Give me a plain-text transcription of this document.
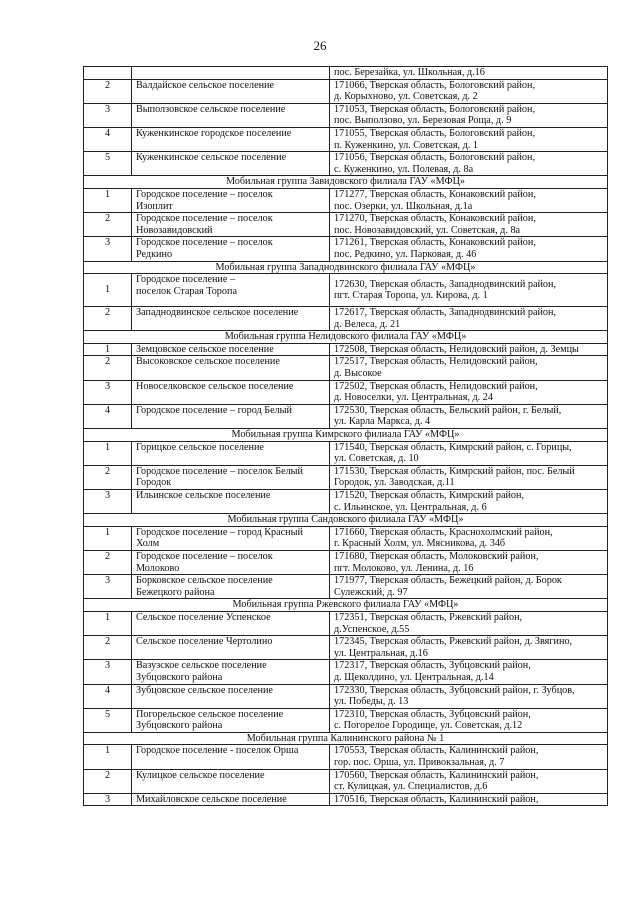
26
		пос. Березайка, ул. Школьная, д.16
2	Валдайское сельское поселение	171066, Тверская область, Бологовский район,
д. Корыхново, ул. Советская, д. 2
3	Выползовское сельское поселение	171053, Тверская область, Бологовский район,
пос. Выползово, ул. Березовая Роща, д. 9
4	Куженкинское городское поселение	171055, Тверская область, Бологовский район,
п. Куженкино, ул. Советская, д. 1
5	Куженкинское сельское поселение	171056, Тверская область, Бологовский район,
с. Куженкино, ул. Полевая, д. 8а
Мобильная группа Завидовского филиала ГАУ «МФЦ»		
1	Городское поселение – поселок
Изоплит	171277, Тверская область, Конаковский район,
пос. Озерки, ул. Школьная, д.1а
2	Городское поселение – поселок
Новозавидовский	171270, Тверская область, Конаковский район,
пос. Новозавидовский, ул. Советская, д. 8а
3	Городское поселение – поселок
Редкино	171261, Тверская область, Конаковский район,
пос. Редкино, ул. Парковая, д. 46
Мобильная группа Западнодвинского филиала ГАУ «МФЦ»		
1	Городское поселение –
поселок Старая Торопа	172630, Тверская область, Западнодвинский район,
пгт. Старая Торопа, ул. Кирова, д. 1
2	Западнодвинское сельское поселение	172617, Тверская область, Западнодвинский район,
д. Велеса, д. 21
Мобильная группа Нелидовского филиала ГАУ «МФЦ»		
1	Земцовское сельское поселение	172508, Тверская область, Нелидовский район, д. Земцы
2	Высоковское сельское поселение	172517, Тверская область, Нелидовский район,
д. Высокое
3	Новоселковское сельское поселение	172502, Тверская область, Нелидовский район,
д. Новоселки, ул. Центральная, д. 24
4	Городское поселение – город Белый	172530, Тверская область, Бельский район, г. Белый,
ул. Карла Маркса, д. 4
Мобильная группа Кимрского филиала ГАУ «МФЦ»		
1	Горицкое сельское поселение	171540, Тверская область, Кимрский район, с. Горицы,
ул. Советская, д. 10
2	Городское поселение – поселок Белый
Городок	171530, Тверская область, Кимрский район, пос. Белый
Городок, ул. Заводская, д.11
3	Ильинское сельское поселение	171520, Тверская область, Кимрский район,
с. Ильинское, ул. Центральная, д. 6
Мобильная группа Сандовского филиала ГАУ «МФЦ»		
1	Городское поселение – город Красный
Холм	171660, Тверская область, Краснохолмский район,
г. Красный Холм, ул. Мясникова, д. 34б
2	Городское поселение – поселок
Молоково	171680, Тверская область, Молоковский район,
пгт. Молоково, ул. Ленина, д. 16
3	Борковское сельское поселение
Бежецкого района	171977, Тверская область, Бежецкий район, д. Борок
Сулежский, д. 97
Мобильная группа Ржевского филиала ГАУ «МФЦ»		
1	Сельское поселение Успенское	172351, Тверская область, Ржевский район,
д.Успенское, д.55
2	Сельское поселение Чертолино	172345, Тверская область, Ржевский район, д. Звягино,
ул. Центральная, д.16
3	Вазузское сельское поселение
Зубцовского района	172317, Тверская область, Зубцовский район,
д. Щеколдино, ул. Центральная, д.14
4	Зубцовское сельское поселение	172330, Тверская область, Зубцовский район, г. Зубцов,
ул. Победы, д. 13
5	Погорельское сельское поселение
Зубцовского района	172310, Тверская область, Зубцовский район,
с. Погорелое Городище, ул. Советская, д.12
Мобильная группа Калининского района № 1		
1	Городское поселение - поселок Орша	170553, Тверская область, Калининский район,
гор. пос. Орша, ул. Привокзальная, д. 7
2	Кулицкое сельское поселение	170560, Тверская область, Калининский район,
ст. Кулицкая, ул. Специалистов, д.6
3	Михайловское сельское поселение	170516, Тверская область, Калининский район,
